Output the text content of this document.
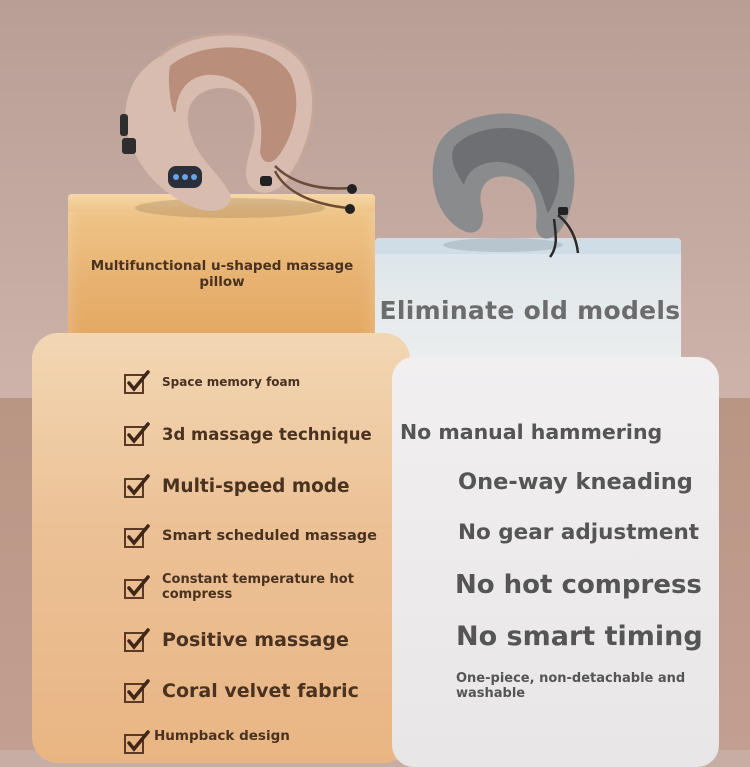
Multifunctional u-shaped massage pillow
Eliminate old models
Space memory foam
3d massage technique
Multi-speed mode
Smart scheduled massage
Constant temperature hot compress
Positive massage
Coral velvet fabric
Humpback design
No manual hammering
One-way kneading
No gear adjustment
No hot compress
No smart timing
One-piece, non-detachable and washable
